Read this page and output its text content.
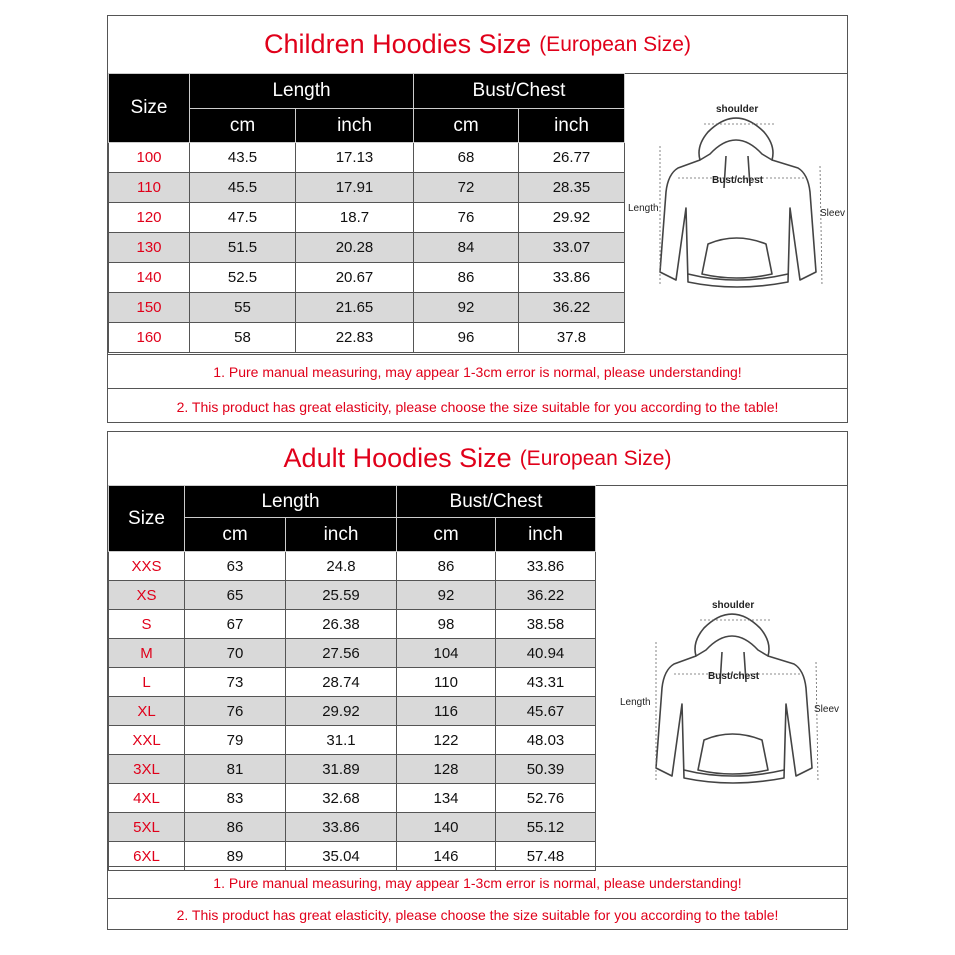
Children Hoodies Size (European Size)
Size	Length		Bust/Chest	
	cm	inch	cm	inch
100	43.5	17.13	68	26.77
110	45.5	17.91	72	28.35
120	47.5	18.7	76	29.92
130	51.5	20.28	84	33.07
140	52.5	20.67	86	33.86
150	55	21.65	92	36.22
160	58	22.83	96	37.8
shoulder
Bust/chest
Length	Sleev
1. Pure manual measuring, may appear 1-3cm error is normal, please understanding!
2. This product has great elasticity, please choose the size suitable for you according to the table!
Adult Hoodies Size (European Size)
Size	Length		Bust/Chest	
	cm	inch	cm	inch
XXS	63	24.8	86	33.86
XS	65	25.59	92	36.22
S	67	26.38	98	38.58
M	70	27.56	104	40.94
L	73	28.74	110	43.31
XL	76	29.92	116	45.67
XXL	79	31.1	122	48.03
3XL	81	31.89	128	50.39
4XL	83	32.68	134	52.76
5XL	86	33.86	140	55.12
6XL	89	35.04	146	57.48
shoulder
Bust/chest
Length
Sleev
1. Pure manual measuring, may appear 1-3cm error is normal, please understanding!
2. This product has great elasticity, please choose the size suitable for you according to the table!
